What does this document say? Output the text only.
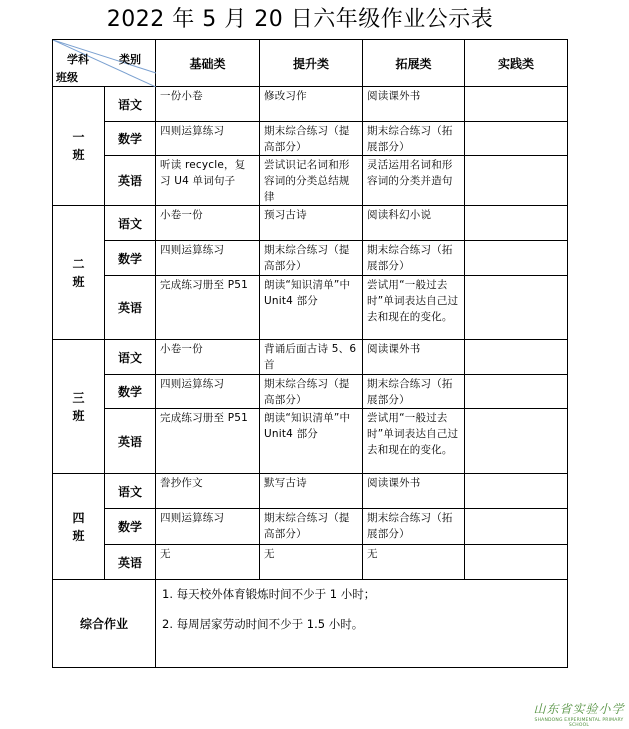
2022 年 5 月 20 日六年级作业公示表
学科 类别
班级		基础类	提升类	拓展类	实践类
一
班	语文	一份小卷	修改习作	阅读课外书	
	数学	四则运算练习	期末综合练习（提高部分）	期末综合练习（拓展部分）	
	英语	听读 recycle，复习 U4 单词句子	尝试识记名词和形容词的分类总结规律	灵活运用名词和形容词的分类并造句	
二
班	语文	小卷一份	预习古诗	阅读科幻小说	
	数学	四则运算练习	期末综合练习（提高部分）	期末综合练习（拓展部分）	
	英语	完成练习册至 P51	朗读“知识清单”中 Unit4 部分	尝试用“一般过去时”单词表达自己过去和现在的变化。	
三
班	语文	小卷一份	背诵后面古诗 5、6 首	阅读课外书	
	数学	四则运算练习	期末综合练习（提高部分）	期末综合练习（拓展部分）	
	英语	完成练习册至 P51	朗读“知识清单”中 Unit4 部分	尝试用“一般过去时”单词表达自己过去和现在的变化。	
四
班	语文	誊抄作文	默写古诗	阅读课外书	
	数学	四则运算练习	期末综合练习（提高部分）	期末综合练习（拓展部分）	
	英语	无	无	无	
综合作业		1. 每天校外体育锻炼时间不少于 1 小时；

2. 每周居家劳动时间不少于 1.5 小时。			

山东省实验小学
SHANDONG EXPERIMENTAL PRIMARY SCHOOL
